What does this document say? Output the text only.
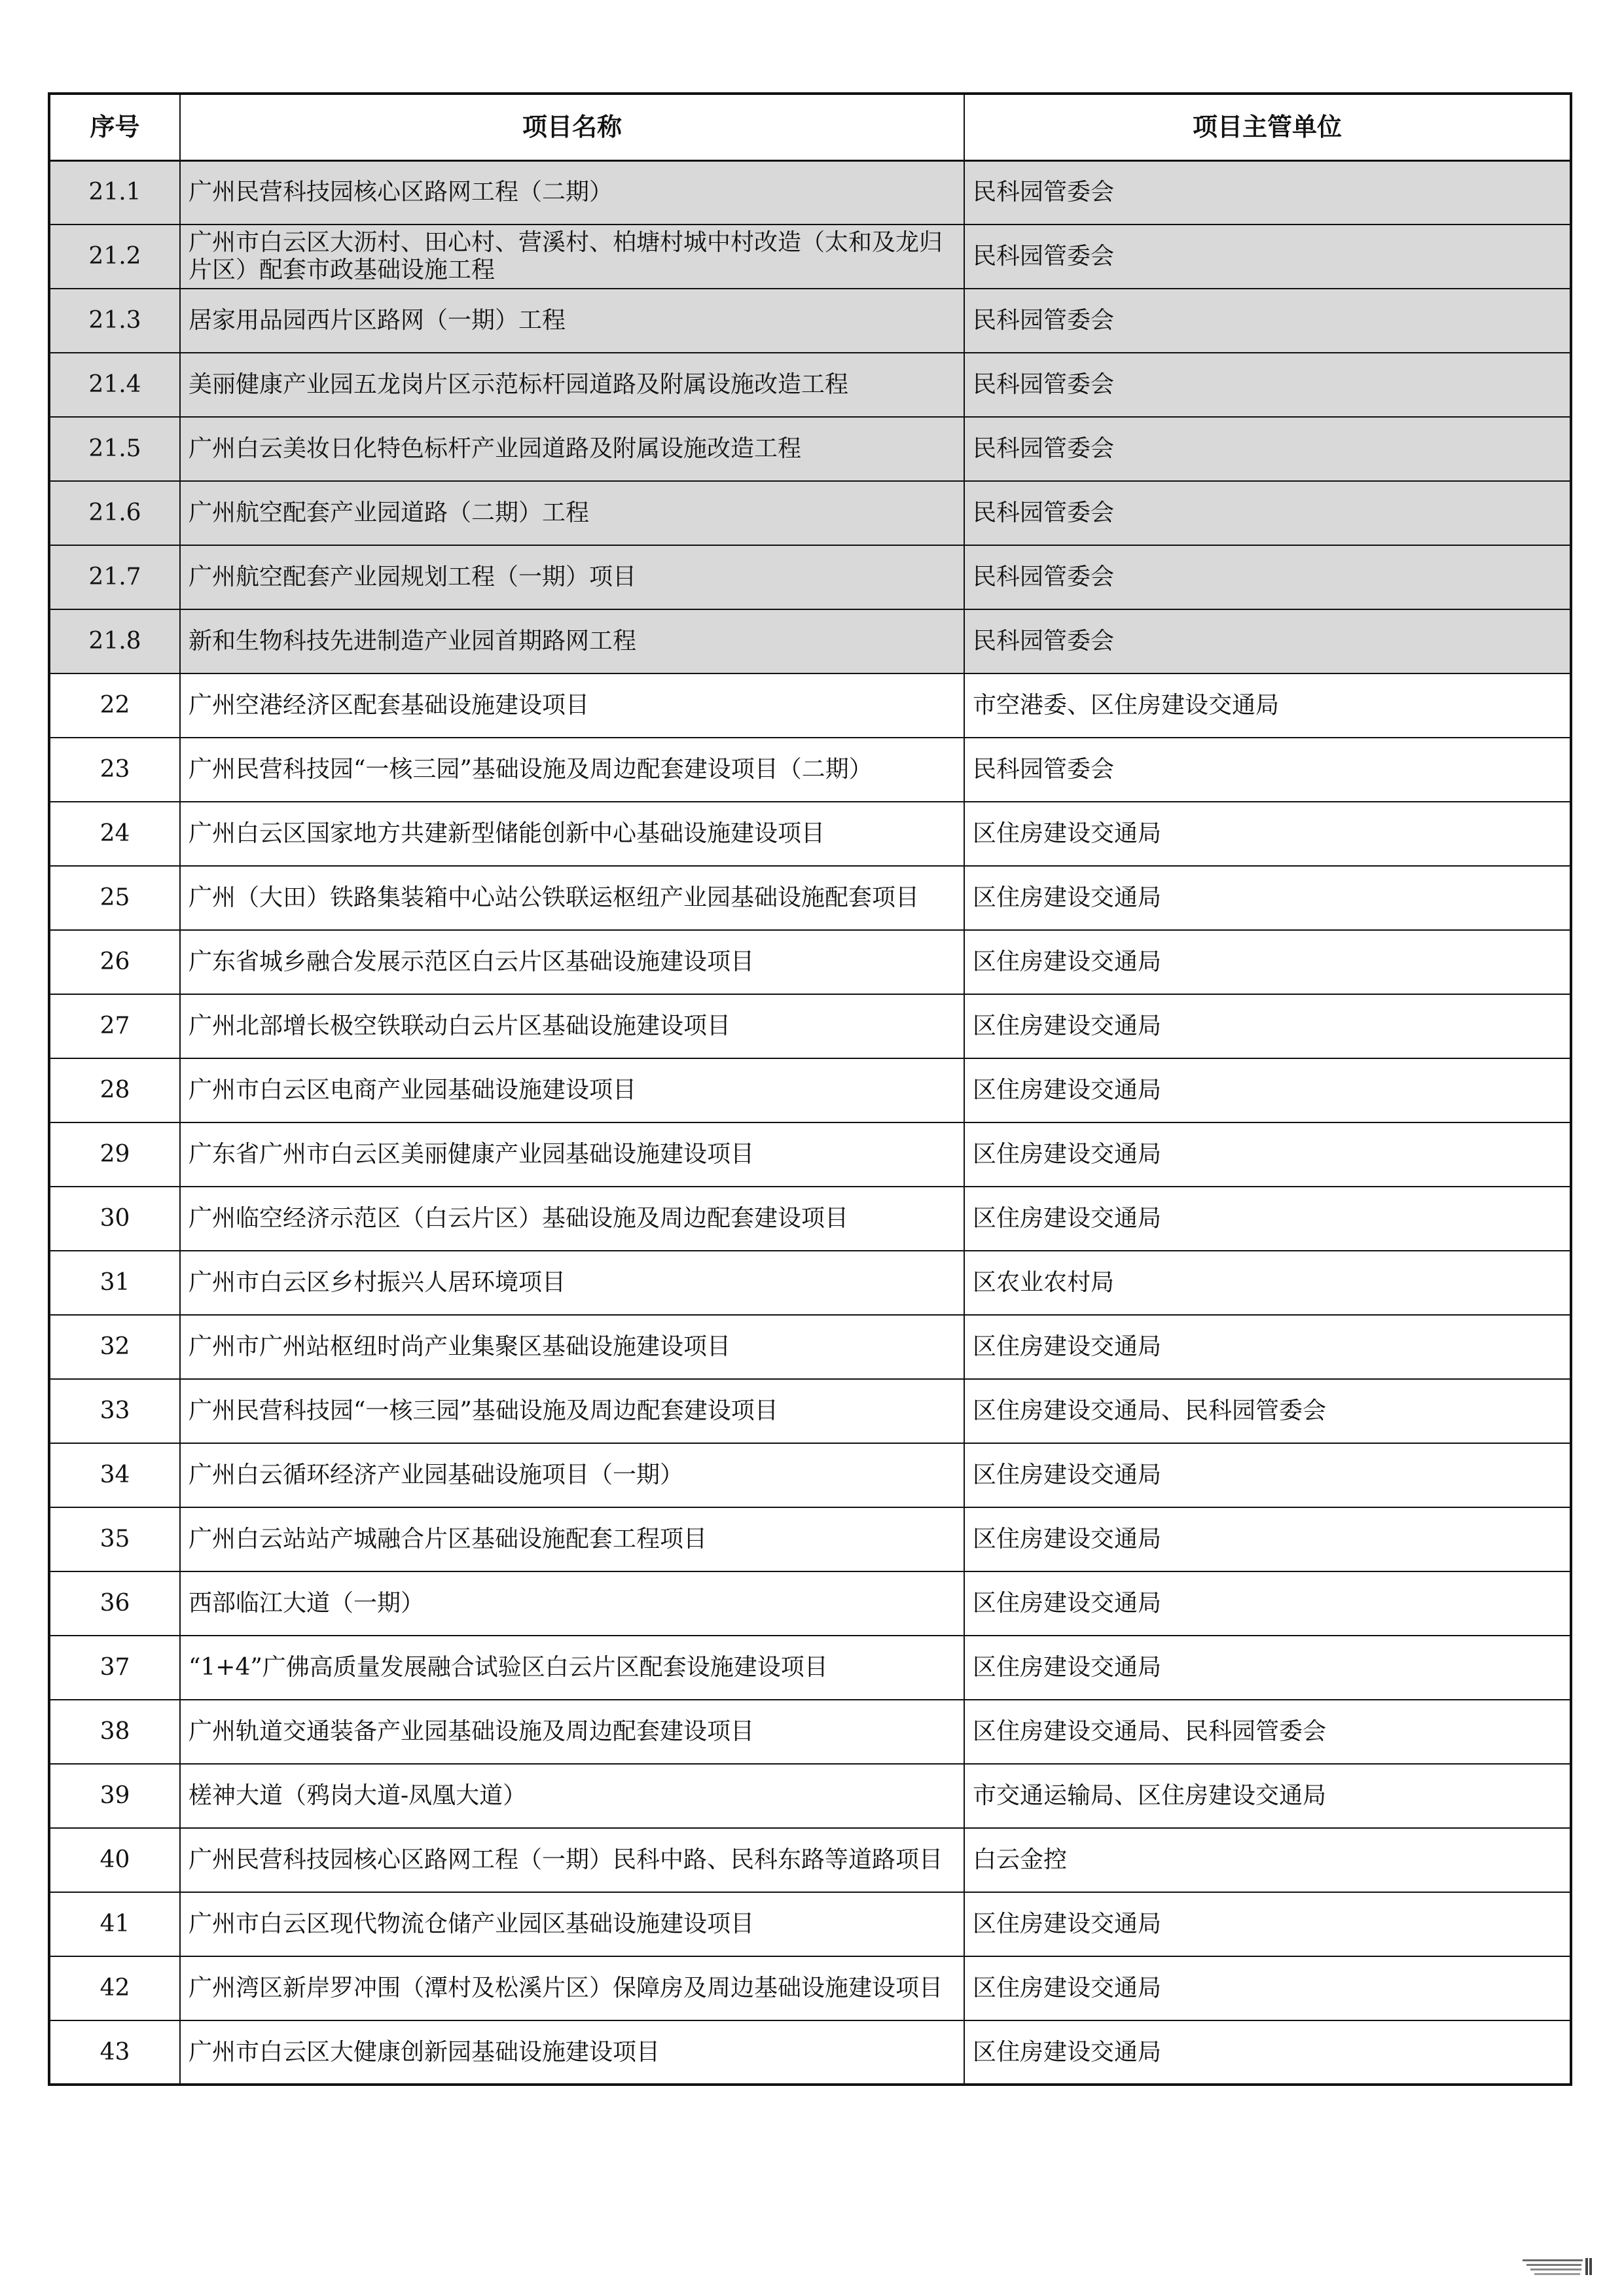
序号	项目名称	项目主管单位
21.1	广州民营科技园核心区路网工程（二期）	民科园管委会
21.2	广州市白云区大沥村、田心村、营溪村、柏塘村城中村改造（太和及龙归片区）配套市政基础设施工程	民科园管委会
21.3	居家用品园西片区路网（一期）工程	民科园管委会
21.4	美丽健康产业园五龙岗片区示范标杆园道路及附属设施改造工程	民科园管委会
21.5	广州白云美妆日化特色标杆产业园道路及附属设施改造工程	民科园管委会
21.6	广州航空配套产业园道路（二期）工程	民科园管委会
21.7	广州航空配套产业园规划工程（一期）项目	民科园管委会
21.8	新和生物科技先进制造产业园首期路网工程	民科园管委会
22	广州空港经济区配套基础设施建设项目	市空港委、区住房建设交通局
23	广州民营科技园“一核三园”基础设施及周边配套建设项目（二期）	民科园管委会
24	广州白云区国家地方共建新型储能创新中心基础设施建设项目	区住房建设交通局
25	广州（大田）铁路集装箱中心站公铁联运枢纽产业园基础设施配套项目	区住房建设交通局
26	广东省城乡融合发展示范区白云片区基础设施建设项目	区住房建设交通局
27	广州北部增长极空铁联动白云片区基础设施建设项目	区住房建设交通局
28	广州市白云区电商产业园基础设施建设项目	区住房建设交通局
29	广东省广州市白云区美丽健康产业园基础设施建设项目	区住房建设交通局
30	广州临空经济示范区（白云片区）基础设施及周边配套建设项目	区住房建设交通局
31	广州市白云区乡村振兴人居环境项目	区农业农村局
32	广州市广州站枢纽时尚产业集聚区基础设施建设项目	区住房建设交通局
33	广州民营科技园“一核三园”基础设施及周边配套建设项目	区住房建设交通局、民科园管委会
34	广州白云循环经济产业园基础设施项目（一期）	区住房建设交通局
35	广州白云站站产城融合片区基础设施配套工程项目	区住房建设交通局
36	西部临江大道（一期）	区住房建设交通局
37	“1+4”广佛高质量发展融合试验区白云片区配套设施建设项目	区住房建设交通局
38	广州轨道交通装备产业园基础设施及周边配套建设项目	区住房建设交通局、民科园管委会
39	槎神大道（鸦岗大道-凤凰大道）	市交通运输局、区住房建设交通局
40	广州民营科技园核心区路网工程（一期）民科中路、民科东路等道路项目	白云金控
41	广州市白云区现代物流仓储产业园区基础设施建设项目	区住房建设交通局
42	广州湾区新岸罗冲围（潭村及松溪片区）保障房及周边基础设施建设项目	区住房建设交通局
43	广州市白云区大健康创新园基础设施建设项目	区住房建设交通局
